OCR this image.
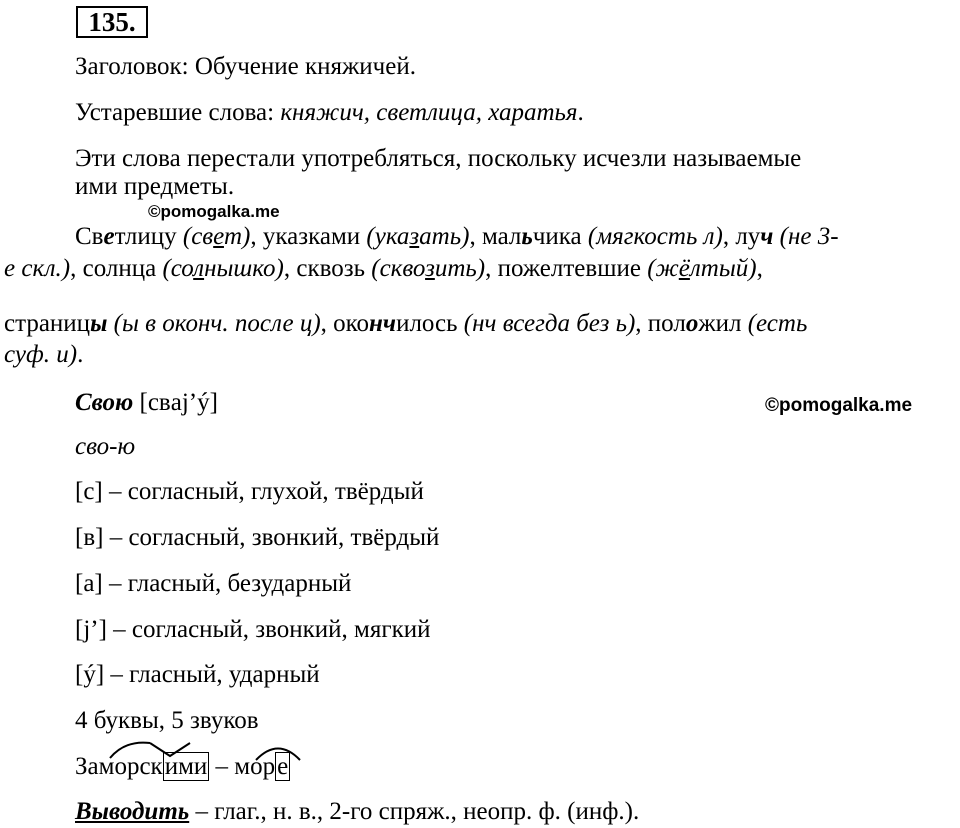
135.
Заголовок: Обучение княжичей.
Устаревшие слова: княжич, светлица, харатья.
Эти слова перестали употребляться, поскольку исчезли называемые
ими предметы.
©pomogalka.me
Светлицу (свет), указками (указать), мальчика (мягкость л), луч (не 3-
е скл.), солнца (солнышко), сквозь (сквозить), пожелтевшие (жёлтый),
страницы (ы в оконч. после ц), окончилось (нч всегда без ь), положил (есть
суф. и).
Свою [cвaj’ý]	©pomogalka.me
сво-ю
[c] – согласный, глухой, твёрдый
[в] – согласный, звонкий, твёрдый
[a] – гласный, безударный
[j’] – согласный, звонкий, мягкий
[ý] – гласный, ударный
4 буквы, 5 звуков
Заморскими – море
Выводить – глаг., н. в., 2-го спряж., неопр. ф. (инф.).
